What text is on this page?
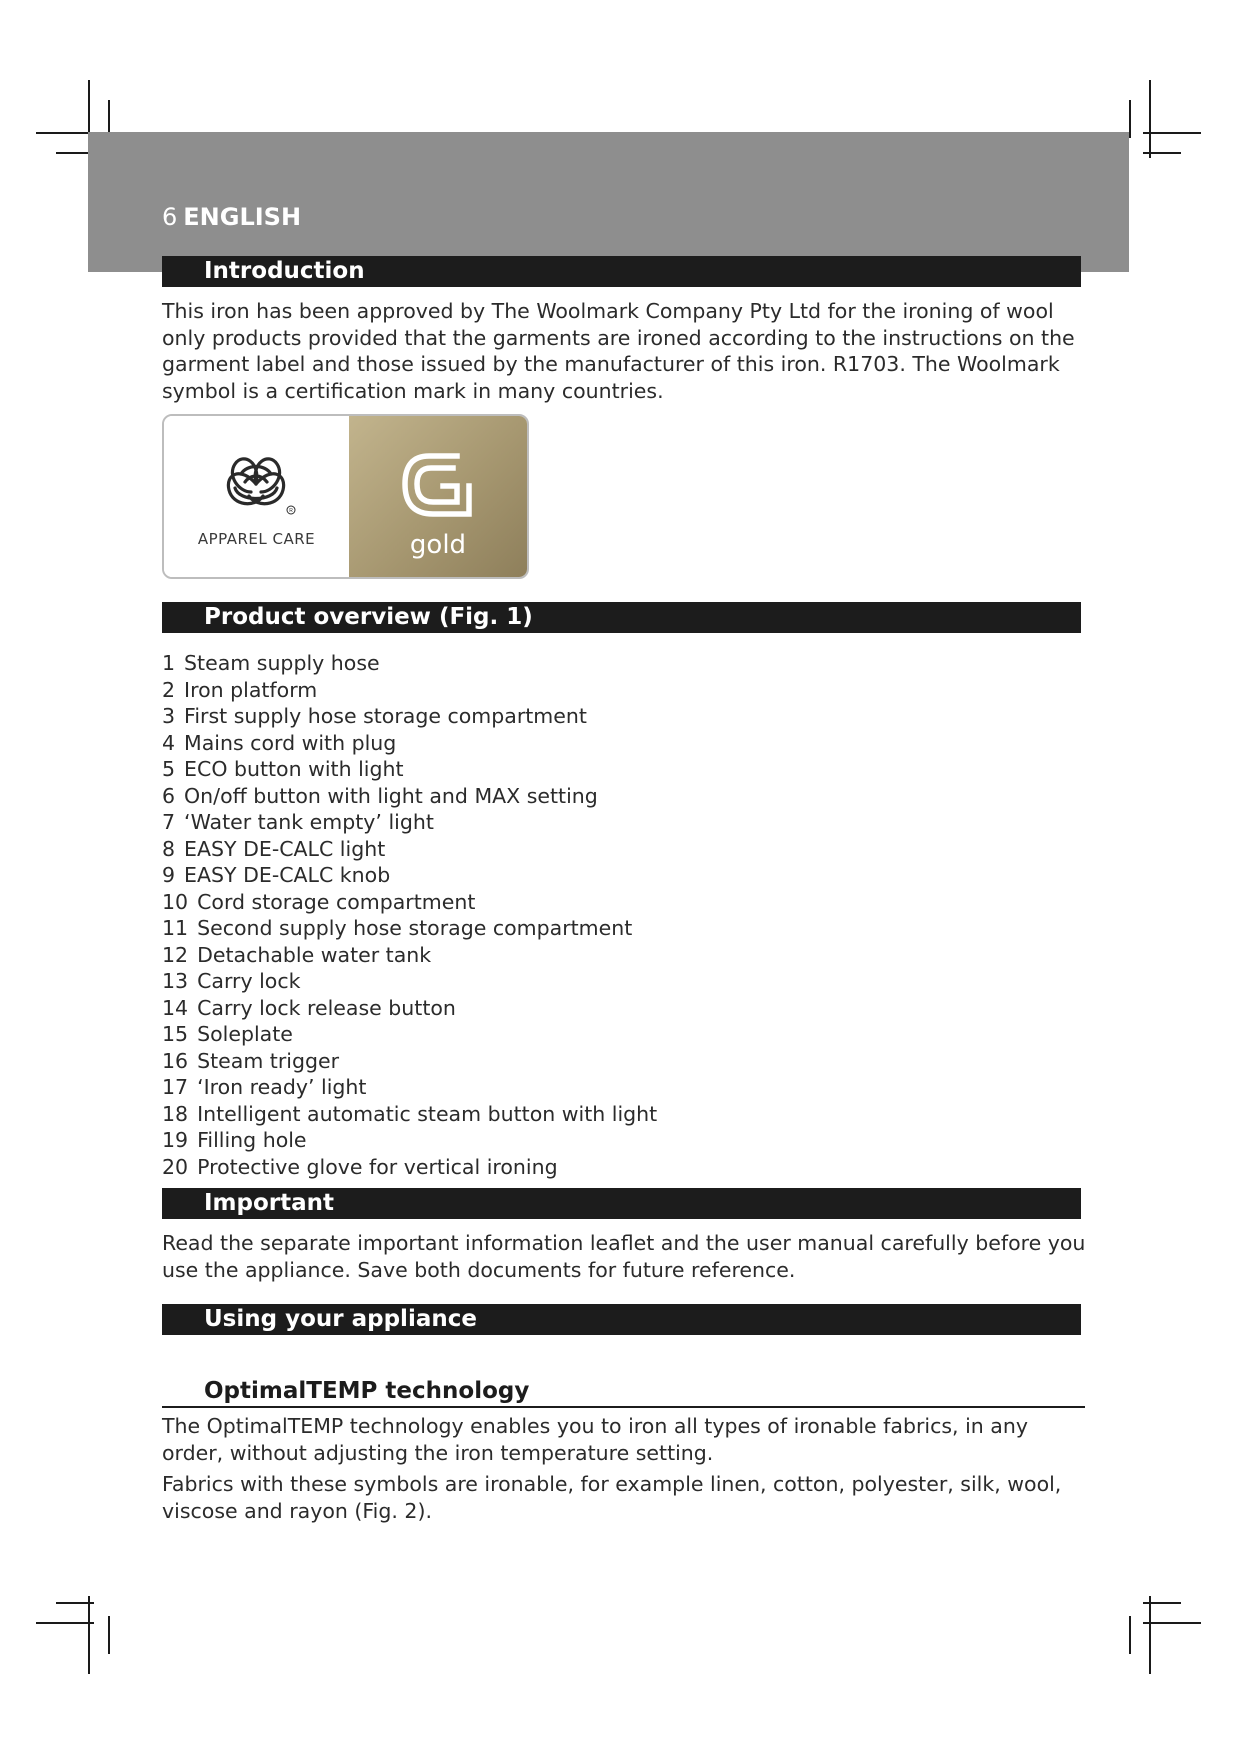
6 ENGLISH
Introduction

This iron has been approved by The Woolmark Company Pty Ltd for the ironing of wool only products provided that the garments are ironed according to the instructions on the garment label and those issued by the manufacturer of this iron. R1703. The Woolmark symbol is a certification mark in many countries.

R
APPAREL CARE	gold
Product overview (Fig. 1)
1 Steam supply hose
2 Iron platform
3 First supply hose storage compartment
4 Mains cord with plug
5 ECO button with light
6 On/off button with light and MAX setting
7 ‘Water tank empty’ light
8 EASY DE-CALC light
9 EASY DE-CALC knob
10 Cord storage compartment
11 Second supply hose storage compartment
12 Detachable water tank
13 Carry lock
14 Carry lock release button
15 Soleplate
16 Steam trigger
17 ‘Iron ready’ light
18 Intelligent automatic steam button with light
19 Filling hole
20 Protective glove for vertical ironing
Important

Read the separate important information leaflet and the user manual carefully before you use the appliance. Save both documents for future reference.

Using your appliance
OptimalTEMP technology

The OptimalTEMP technology enables you to iron all types of ironable fabrics, in any order, without adjusting the iron temperature setting.

Fabrics with these symbols are ironable, for example linen, cotton, polyester, silk, wool, viscose and rayon (Fig. 2).
